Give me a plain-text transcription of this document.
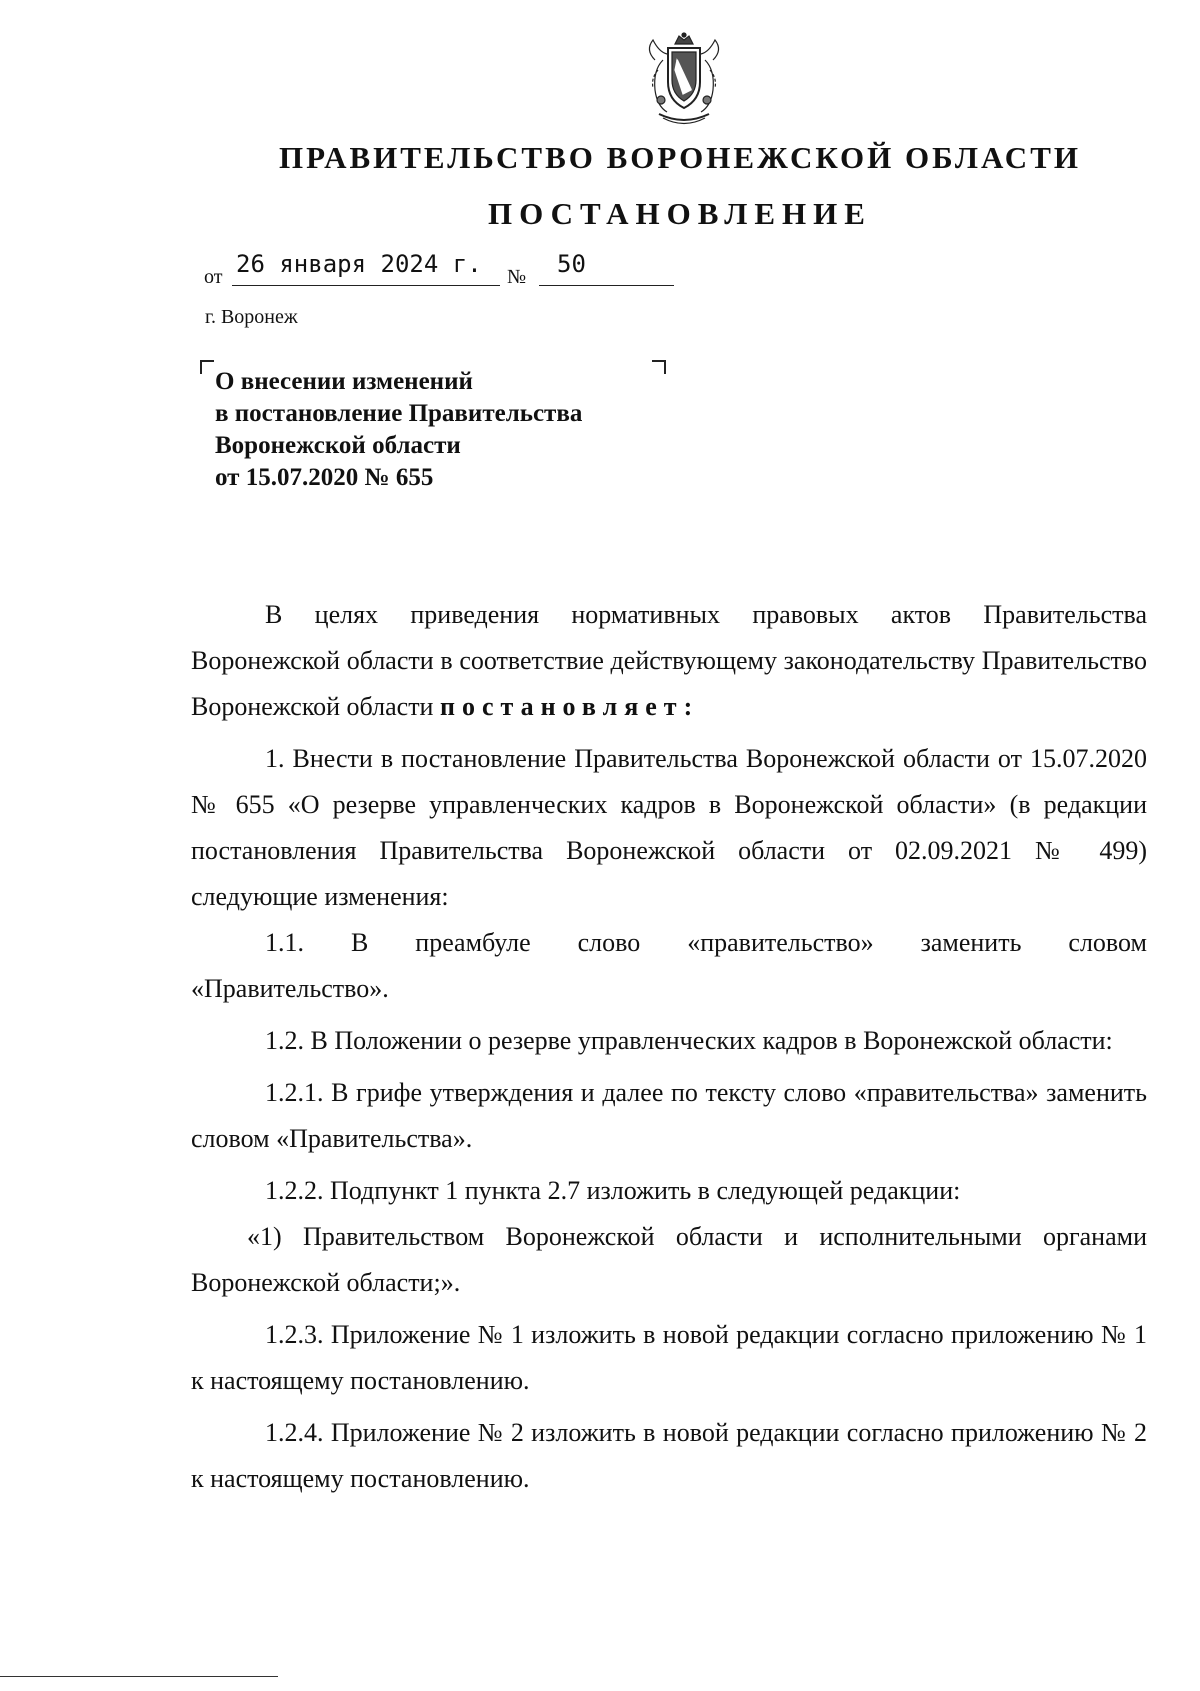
ПРАВИТЕЛЬСТВО ВОРОНЕЖСКОЙ ОБЛАСТИ
ПОСТАНОВЛЕНИЕ
от 26 января 2024 г. № 50
г. Воронеж
О внесении изменений
в постановление Правительства
Воронежской области
от 15.07.2020 № 655

В целях приведения нормативных правовых актов Правительства Воронежской области в соответствие действующему законодательству Правительство Воронежской области постановляет:

1. Внести в постановление Правительства Воронежской области от 15.07.2020 № 655 «О резерве управленческих кадров в Воронежской области» (в редакции постановления Правительства Воронежской области от 02.09.2021 № 499) следующие изменения:

1.1. В преамбуле слово «правительство» заменить словом

«Правительство».

1.2. В Положении о резерве управленческих кадров в Воронежской области:

1.2.1. В грифе утверждения и далее по тексту слово «правительства» заменить словом «Правительства».

1.2.2. Подпункт 1 пункта 2.7 изложить в следующей редакции:

«1) Правительством Воронежской области и исполнительными органами Воронежской области;».

1.2.3. Приложение № 1 изложить в новой редакции согласно приложению № 1 к настоящему постановлению.

1.2.4. Приложение № 2 изложить в новой редакции согласно приложению № 2 к настоящему постановлению.
